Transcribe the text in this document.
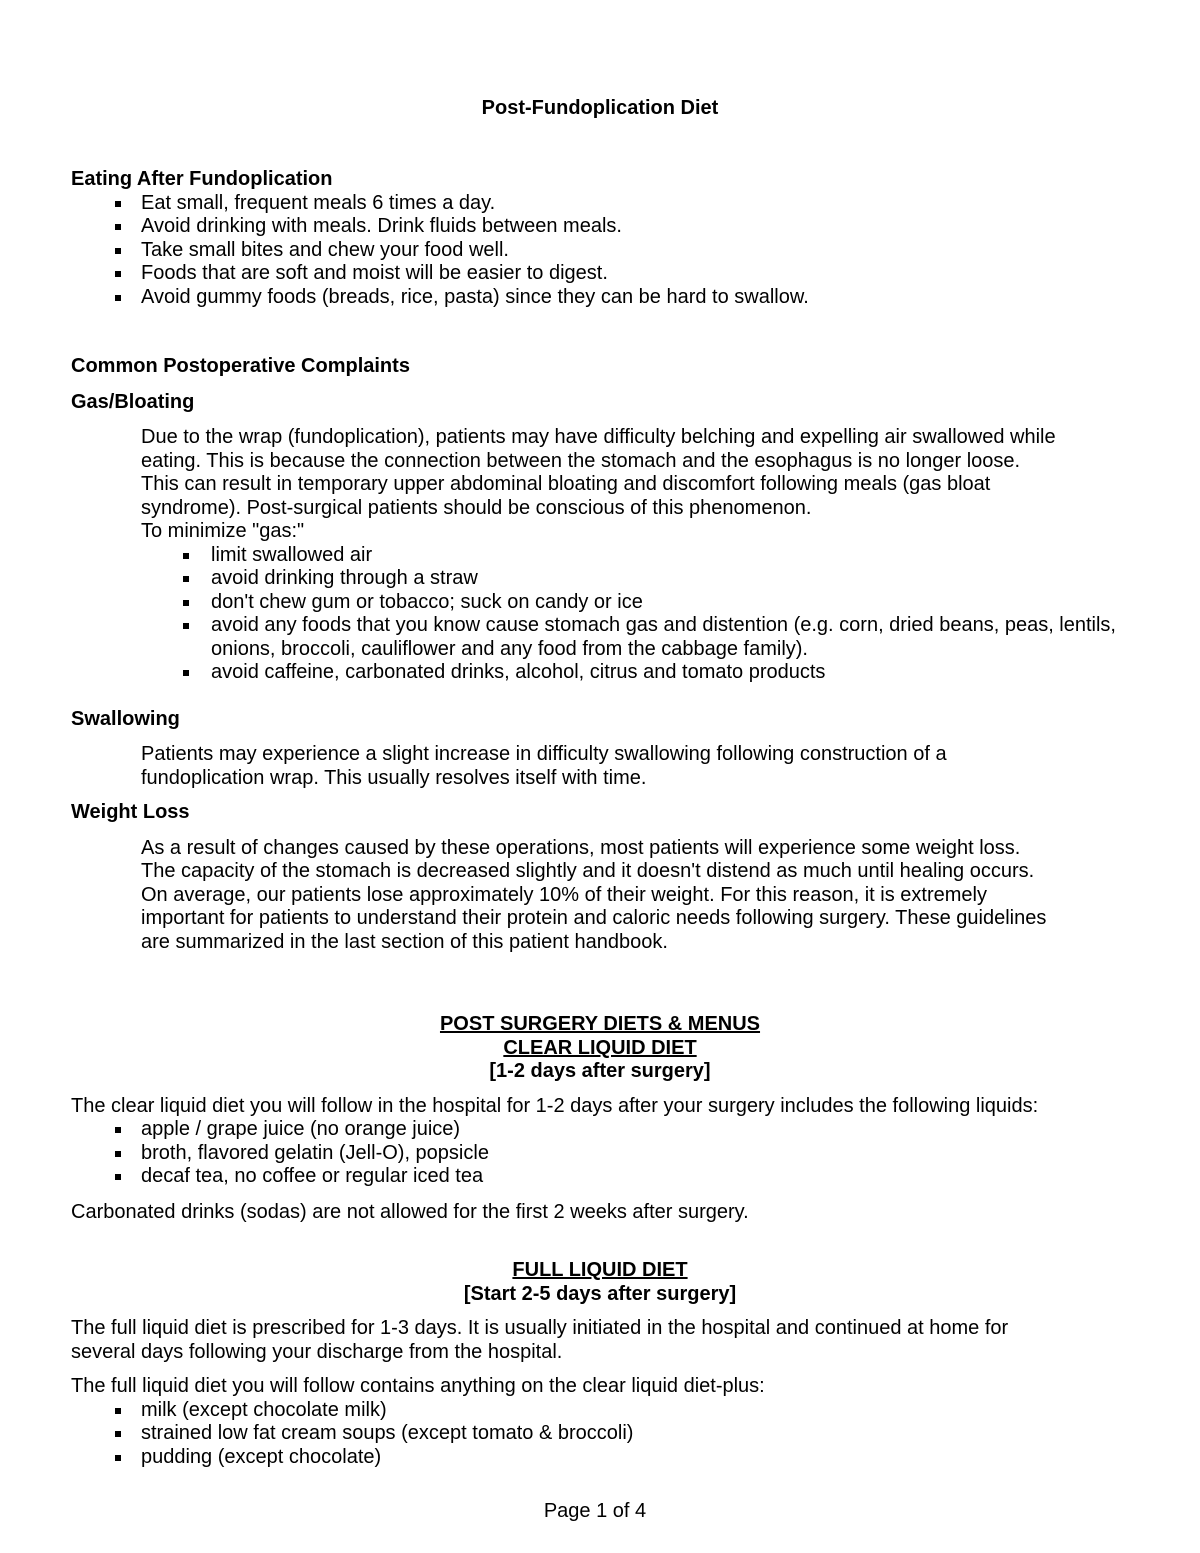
Post-Fundoplication Diet
Eating After Fundoplication
Eat small, frequent meals 6 times a day.
Avoid drinking with meals. Drink fluids between meals.
Take small bites and chew your food well.
Foods that are soft and moist will be easier to digest.
Avoid gummy foods (breads, rice, pasta) since they can be hard to swallow.
Common Postoperative Complaints
Gas/Bloating
Due to the wrap (fundoplication), patients may have difficulty belching and expelling air swallowed while
eating. This is because the connection between the stomach and the esophagus is no longer loose.
This can result in temporary upper abdominal bloating and discomfort following meals (gas bloat
syndrome). Post-surgical patients should be conscious of this phenomenon.
To minimize "gas:"
limit swallowed air
avoid drinking through a straw
don't chew gum or tobacco; suck on candy or ice
avoid any foods that you know cause stomach gas and distention (e.g. corn, dried beans, peas, lentils, onions, broccoli, cauliflower and any food from the cabbage family).
avoid caffeine, carbonated drinks, alcohol, citrus and tomato products
Swallowing
Patients may experience a slight increase in difficulty swallowing following construction of a
fundoplication wrap. This usually resolves itself with time.
Weight Loss
As a result of changes caused by these operations, most patients will experience some weight loss.
The capacity of the stomach is decreased slightly and it doesn't distend as much until healing occurs.
On average, our patients lose approximately 10% of their weight. For this reason, it is extremely
important for patients to understand their protein and caloric needs following surgery. These guidelines
are summarized in the last section of this patient handbook.
POST SURGERY DIETS & MENUS
CLEAR LIQUID DIET
[1-2 days after surgery]
The clear liquid diet you will follow in the hospital for 1-2 days after your surgery includes the following liquids:
apple / grape juice (no orange juice)
broth, flavored gelatin (Jell-O), popsicle
decaf tea, no coffee or regular iced tea
Carbonated drinks (sodas) are not allowed for the first 2 weeks after surgery.
FULL LIQUID DIET
[Start 2-5 days after surgery]
The full liquid diet is prescribed for 1-3 days. It is usually initiated in the hospital and continued at home for
several days following your discharge from the hospital.
The full liquid diet you will follow contains anything on the clear liquid diet-plus:
milk (except chocolate milk)
strained low fat cream soups (except tomato & broccoli)
pudding (except chocolate)
Page 1 of 4
